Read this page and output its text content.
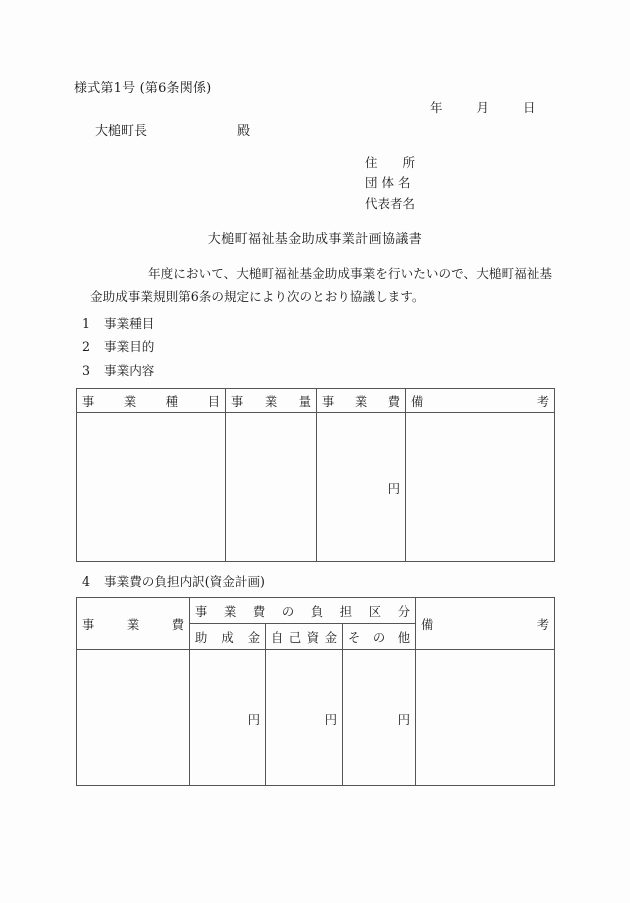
様式第1号 (第6条関係)
年	月	日
大槌町長	殿
住　　所
団 体 名
代表者名
大槌町福祉基金助成事業計画協議書
年度において、大槌町福祉基金助成事業を行いたいので、大槌町福祉基金助成事業規則第6条の規定により次のとおり協議します。
1 事業種目
2 事業目的
3 事業内容
4 事業費の負担内訳(資金計画)
事業種目	事業量	事業費	備考

		円	

事業費	事業費の負担区分			備考
	助成金	自己資金	その他	

	円	円	円	
